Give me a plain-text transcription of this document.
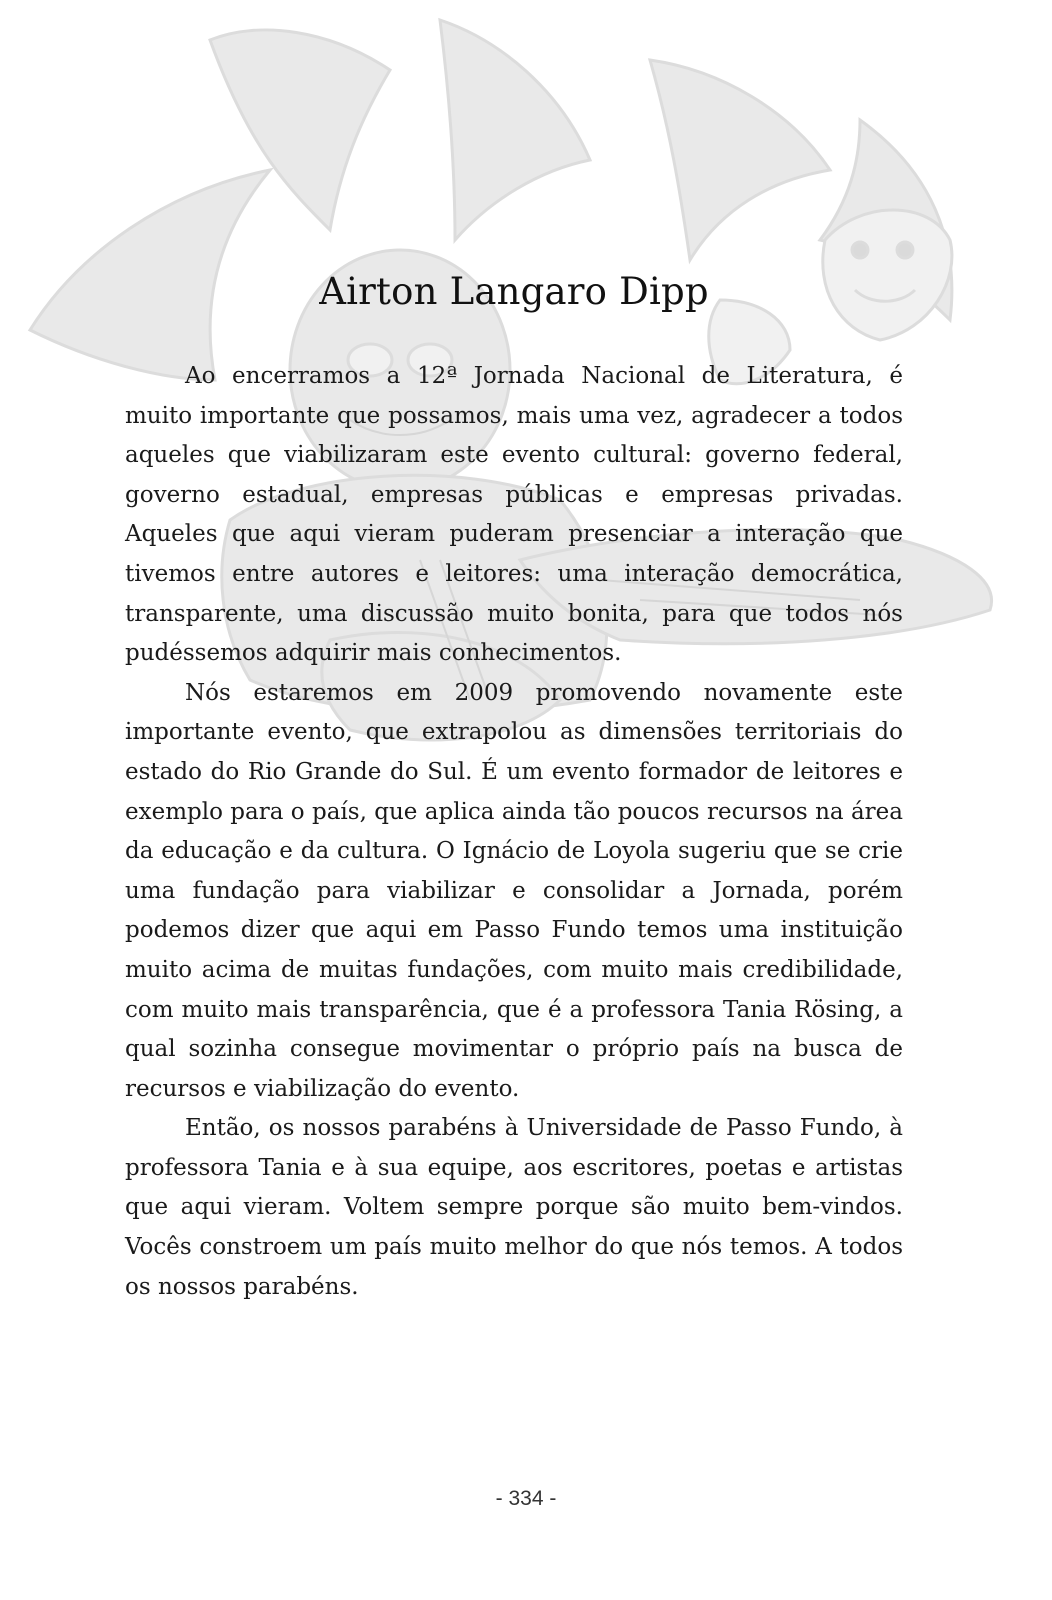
Airton Langaro Dipp

Ao encerramos a 12ª Jornada Nacional de Literatura, é muito importante que possamos, mais uma vez, agradecer a todos aqueles que viabilizaram este evento cultural: governo federal, governo estadual, empresas públicas e empresas privadas. Aqueles que aqui vieram puderam presenciar a interação que tivemos entre autores e leitores: uma interação democrática, transparente, uma discussão muito bonita, para que todos nós pudéssemos adquirir mais conhecimentos.

Nós estaremos em 2009 promovendo novamente este importante evento, que extrapolou as dimensões territoriais do estado do Rio Grande do Sul. É um evento formador de leitores e exemplo para o país, que aplica ainda tão poucos recursos na área da educação e da cultura. O Ignácio de Loyola sugeriu que se crie uma fundação para viabilizar e consolidar a Jornada, porém podemos dizer que aqui em Passo Fundo temos uma instituição muito acima de muitas fundações, com muito mais credibilidade, com muito mais transparência, que é a professora Tania Rösing, a qual sozinha consegue movimentar o próprio país na busca de recursos e viabilização do evento.

Então, os nossos parabéns à Universidade de Passo Fundo, à professora Tania e à sua equipe, aos escritores, poetas e artistas que aqui vieram. Voltem sempre porque são muito bem-vindos. Vocês constroem um país muito melhor do que nós temos. A todos os nossos parabéns.

- 334 -
